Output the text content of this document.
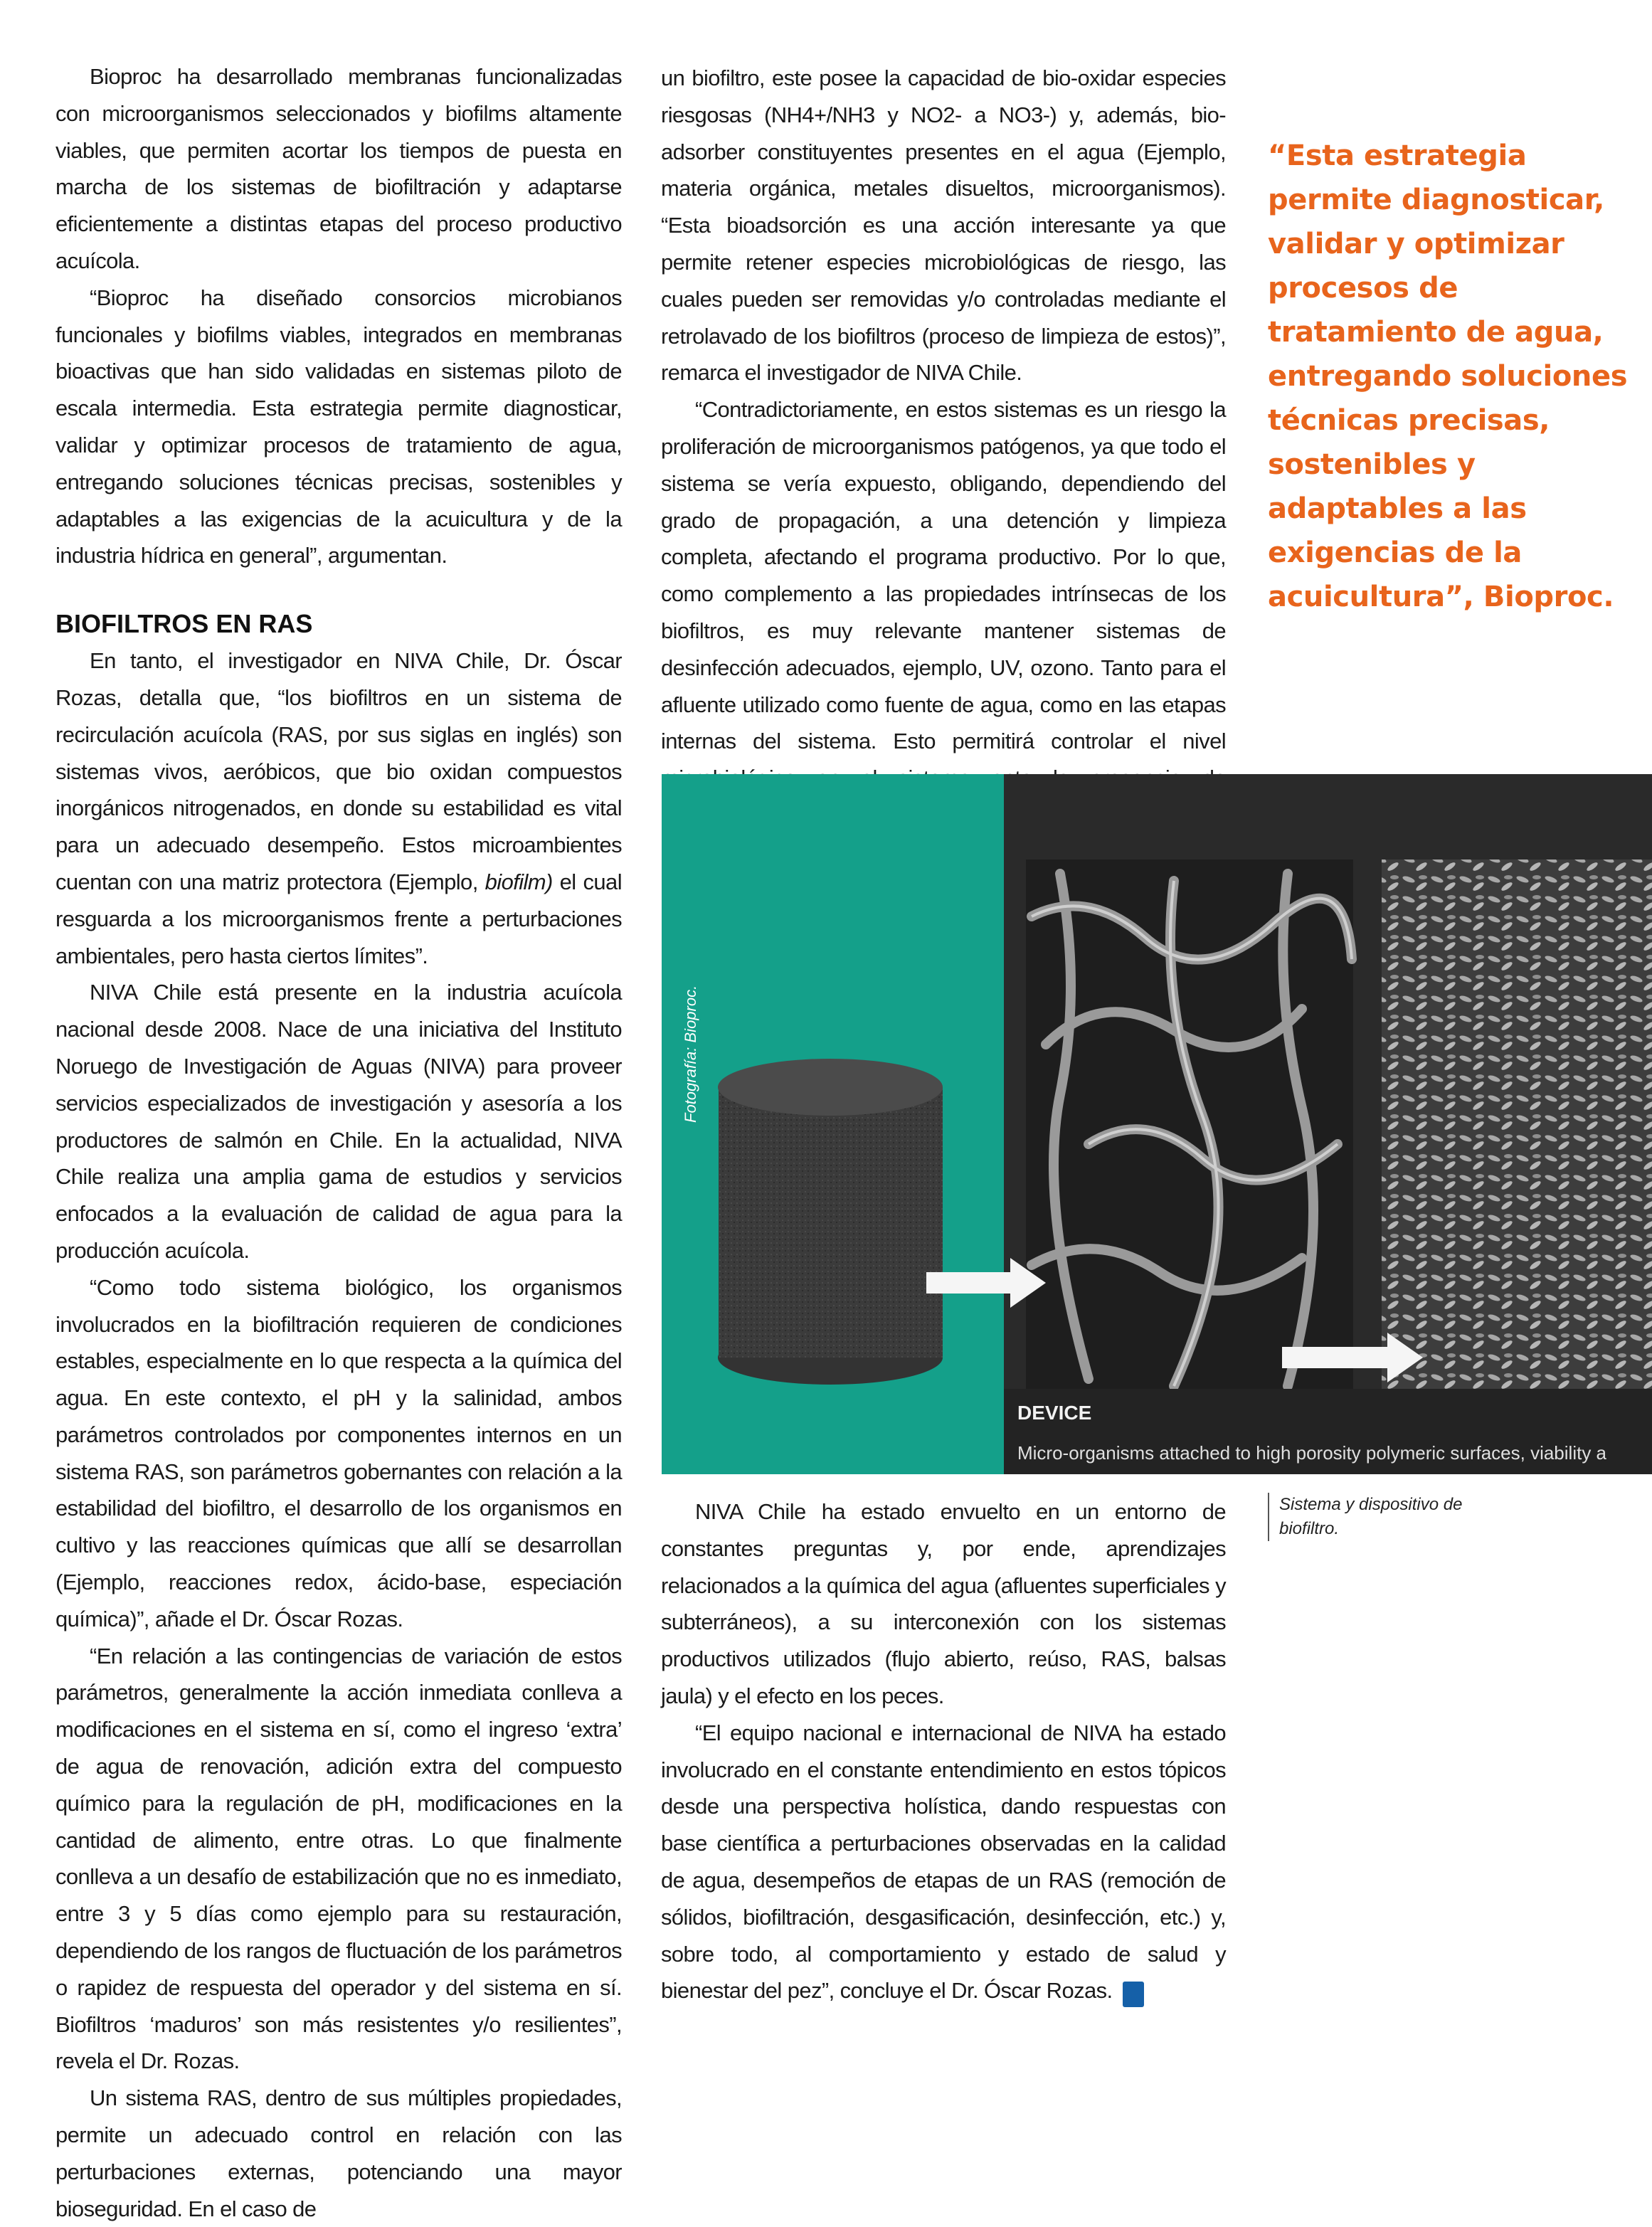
Bioproc ha desarrollado membranas funcionalizadas con microorganismos seleccionados y biofilms altamente viables, que permiten acortar los tiempos de puesta en marcha de los sistemas de biofiltración y adaptarse eficientemente a distintas etapas del proceso productivo acuícola.

“Bioproc ha diseñado consorcios microbianos funcionales y biofilms viables, integrados en membranas bioactivas que han sido validadas en sistemas piloto de escala intermedia. Esta estrategia permite diagnosticar, validar y optimizar procesos de tratamiento de agua, entregando soluciones técnicas precisas, sostenibles y adaptables a las exigencias de la acuicultura y de la industria hídrica en general”, argumentan.

BIOFILTROS EN RAS

En tanto, el investigador en NIVA Chile, Dr. Óscar Rozas, detalla que, “los biofiltros en un sistema de recirculación acuícola (RAS, por sus siglas en inglés) son sistemas vivos, aeróbicos, que bio oxidan compuestos inorgánicos nitrogenados, en donde su estabilidad es vital para un adecuado desempeño. Estos microambientes cuentan con una matriz protectora (Ejemplo, biofilm) el cual resguarda a los microorganismos frente a perturbaciones ambientales, pero hasta ciertos límites”.

NIVA Chile está presente en la industria acuícola nacional desde 2008. Nace de una iniciativa del Instituto Noruego de Investigación de Aguas (NIVA) para proveer servicios especializados de investigación y asesoría a los productores de salmón en Chile. En la actualidad, NIVA Chile realiza una amplia gama de estudios y servicios enfocados a la evaluación de calidad de agua para la producción acuícola.

“Como todo sistema biológico, los organismos involucrados en la biofiltración requieren de condiciones estables, especialmente en lo que respecta a la química del agua. En este contexto, el pH y la salinidad, ambos parámetros controlados por componentes internos en un sistema RAS, son parámetros gobernantes con relación a la estabilidad del biofiltro, el desarrollo de los organismos en cultivo y las reacciones químicas que allí se desarrollan (Ejemplo, reacciones redox, ácido-base, especiación química)”, añade el Dr. Óscar Rozas.

“En relación a las contingencias de variación de estos parámetros, generalmente la acción inmediata conlleva a modificaciones en el sistema en sí, como el ingreso ‘extra’ de agua de renovación, adición extra del compuesto químico para la regulación de pH, modificaciones en la cantidad de alimento, entre otras. Lo que finalmente conlleva a un desafío de estabilización que no es inmediato, entre 3 y 5 días como ejemplo para su restauración, dependiendo de los rangos de fluctuación de los parámetros o rapidez de respuesta del operador y del sistema en sí. Biofiltros ‘maduros’ son más resistentes y/o resilientes”, revela el Dr. Rozas.

Un sistema RAS, dentro de sus múltiples propiedades, permite un adecuado control en relación con las perturbaciones externas, potenciando una mayor bioseguridad. En el caso de

un biofiltro, este posee la capacidad de bio-oxidar especies riesgosas (NH4+/NH3 y NO2- a NO3-) y, además, bio-adsorber constituyentes presentes en el agua (Ejemplo, materia orgánica, metales disueltos, microorganismos). “Esta bioadsorción es una acción interesante ya que permite retener especies microbiológicas de riesgo, las cuales pueden ser removidas y/o controladas mediante el retrolavado de los biofiltros (proceso de limpieza de estos)”, remarca el investigador de NIVA Chile.

“Contradictoriamente, en estos sistemas es un riesgo la proliferación de microorganismos patógenos, ya que todo el sistema se vería expuesto, obligando, dependiendo del grado de propagación, a una detención y limpieza completa, afectando el programa productivo. Por lo que, como complemento a las propiedades intrínsecas de los biofiltros, es muy relevante mantener sistemas de desinfección adecuados, ejemplo, UV, ozono. Tanto para el afluente utilizado como fuente de agua, como en las etapas internas del sistema. Esto permitirá controlar el nivel

“Esta estrategia permite diagnosticar, validar y optimizar procesos de tratamiento de agua, entregando soluciones técnicas precisas, sostenibles y adaptables a las exigencias de la acuicultura”, Bioproc.

DEVICE
Micro-organisms attached to high porosity polymeric surfaces, viability a
Fotografía: Bioproc.
Sistema y dispositivo de biofiltro.

NIVA Chile ha estado envuelto en un entorno de constantes preguntas y, por ende, aprendizajes relacionados a la química del agua (afluentes superficiales y subterráneos), a su interconexión con los sistemas productivos utilizados (flujo abierto, reúso, RAS, balsas jaula) y el efecto en los peces.

“El equipo nacional e internacional de NIVA ha estado involucrado en el constante entendimiento en estos tópicos desde una perspectiva holística, dando respuestas con base científica a perturbaciones observadas en la calidad de agua, desempeños de etapas de un RAS (remoción de sólidos, biofiltración, desgasificación, desinfección, etc.) y, sobre todo, al comportamiento y estado de salud y bienestar del pez”, concluye el Dr. Óscar Rozas. Q
